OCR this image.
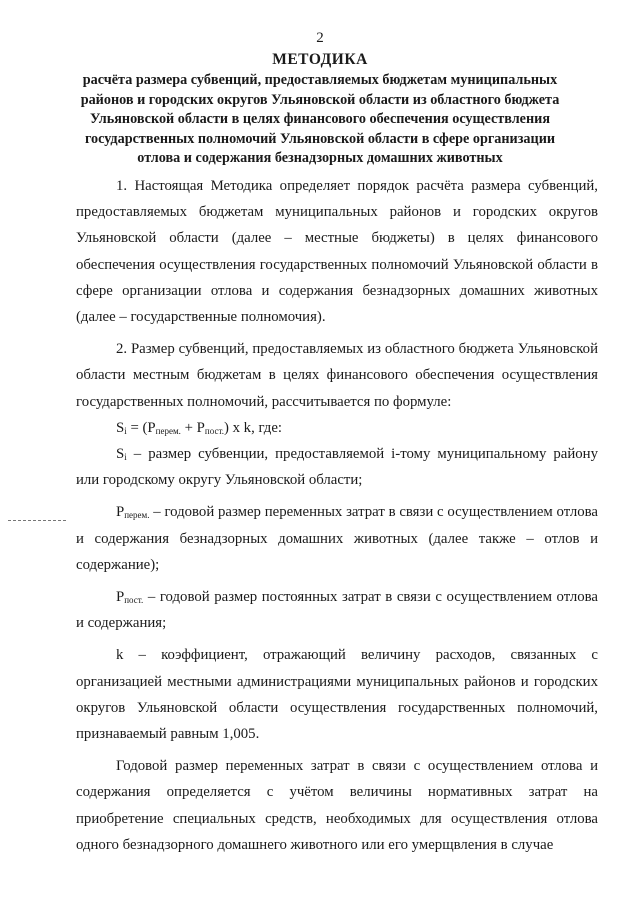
2
МЕТОДИКА
расчёта размера субвенций, предоставляемых бюджетам муниципальных
районов и городских округов Ульяновской области из областного бюджета
Ульяновской области в целях финансового обеспечения осуществления
государственных полномочий Ульяновской области в сфере организации
отлова и содержания безнадзорных домашних животных

1. Настоящая Методика определяет порядок расчёта размера субвенций, предоставляемых бюджетам муниципальных районов и городских округов Ульяновской области (далее – местные бюджеты) в целях финансового обеспечения осуществления государственных полномочий Ульяновской области в сфере организации отлова и содержания безнадзорных домашних животных (далее – государственные полномочия).

2. Размер субвенций, предоставляемых из областного бюджета Ульяновской области местным бюджетам в целях финансового обеспечения осуществления государственных полномочий, рассчитывается по формуле:

$S_i = (P_{перем.} + P_{пост.})$ x k, где:

$S_i$ – размер субвенции, предоставляемой i-тому муниципальному району или городскому округу Ульяновской области;

$P_{перем.}$ – годовой размер переменных затрат в связи с осуществлением отлова и содержания безнадзорных домашних животных (далее также – отлов и содержание);

$P_{пост.}$ – годовой размер постоянных затрат в связи с осуществлением отлова и содержания;

k – коэффициент, отражающий величину расходов, связанных с организацией местными администрациями муниципальных районов и городских округов Ульяновской области осуществления государственных полномочий, признаваемый равным 1,005.

Годовой размер переменных затрат в связи с осуществлением отлова и содержания определяется с учётом величины нормативных затрат на приобретение специальных средств, необходимых для осуществления отлова одного безнадзорного домашнего животного или его умерщвления в случае
